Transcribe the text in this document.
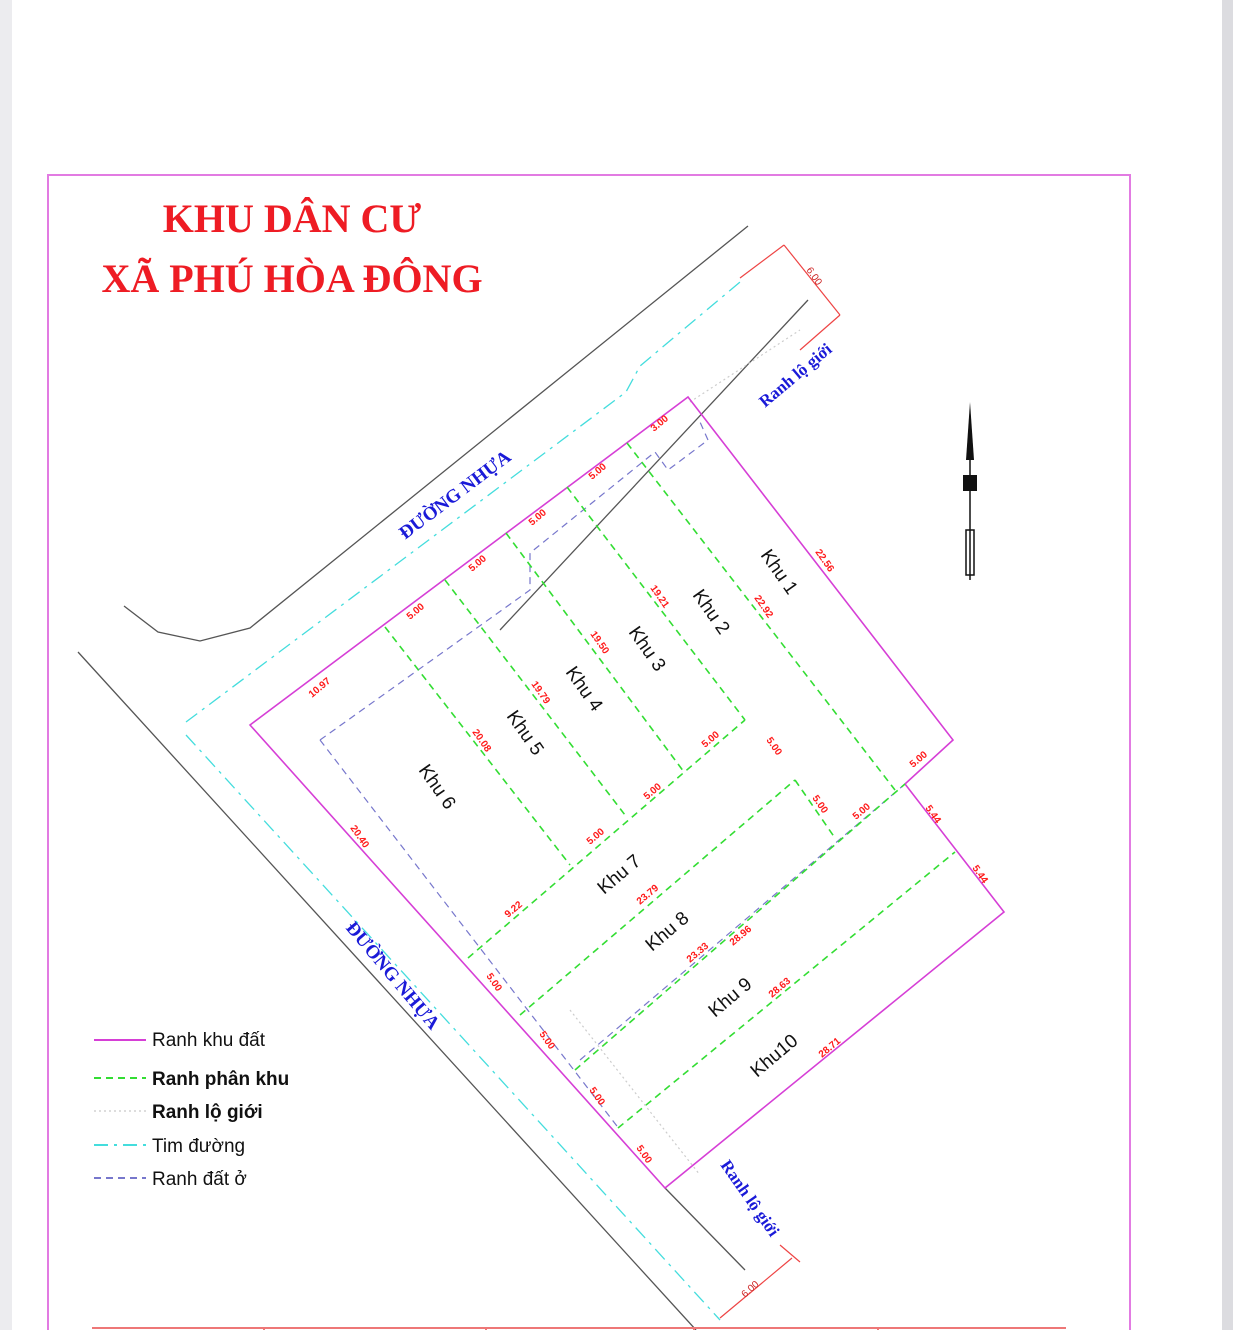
KHU DÂN CƯ
XÃ PHÚ HÒA ĐÔNG
ĐƯỜNG NHỰA
ĐƯỜNG NHỰA
Ranh lộ giới
Ranh lộ giới
6.00
6.00
Khu 1
Khu 2
Khu 3
Khu 4
Khu 5
Khu 6
Khu 7
Khu 8
Khu 9
Khu10
3.00
5.00
5.00
5.00
5.00
10.97
22.56
22.92
19.21
19.50
19.79
20.08
20.40
9.22
5.00
5.00
5.00
5.00
5.00 5.00
5.00
5.44
5.44
23.79
23.33
28.96
28.63
28.71
5.00
5.00
5.00
5.00
Ranh khu đất
Ranh phân khu
Ranh lộ giới
Tim đường
Ranh đất ở
